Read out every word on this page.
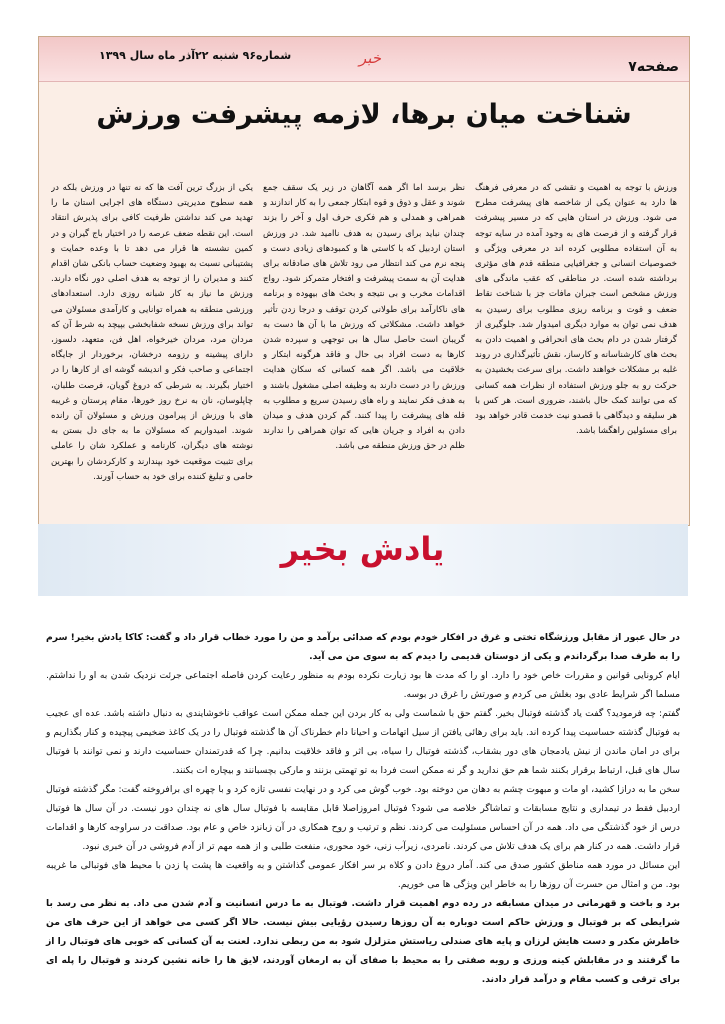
صفحه۷
خبر
شماره۹۶ شنبه ۲۲آذر ماه سال ۱۳۹۹
شناخت میان برها، لازمه پیشرفت ورزش

ورزش با توجه به اهمیت و نقشی که در معرفی فرهنگ ها دارد به عنوان یکی از شاخصه های پیشرفت مطرح می شود. ورزش در استان هایی که در مسیر پیشرفت قرار گرفته و از فرصت های به وجود آمده در سایه توجه به آن استفاده مطلوبی کرده اند در معرفی ویژگی و خصوصیات انسانی و جغرافیایی منطقه قدم های مؤثری برداشته شده است. در مناطقی که عقب ماندگی های ورزش مشخص است جبران مافات جز با شناخت نقاط ضعف و قوت و برنامه ریزی مطلوب برای رسیدن به هدف نمی توان به موارد دیگری امیدوار شد. جلوگیری از گرفتار شدن در دام بحث های انحرافی و اهمیت دادن به بحث های کارشناسانه و کارساز، نقش تأثیرگذاری در روند غلبه بر مشکلات خواهند داشت. برای سرعت بخشیدن به حرکت رو به جلو ورزش استفاده از نظرات همه کسانی که می توانند کمک حال باشند، ضروری است. هر کس با هر سلیقه و دیدگاهی با قصدو نیت خدمت قادر خواهد بود برای مسئولین راهگشا باشد.

نظر برسد اما اگر همه آگاهان در زیر یک سقف جمع شوند و عقل و ذوق و قوه ابتکار جمعی را به کار اندازند و همراهی و همدلی و هم فکری حرف اول و آخر را بزند چندان نباید برای رسیدن به هدف ناامید شد. در ورزش استان اردبیل که با کاستی ها و کمبودهای زیادی دست و پنجه نرم می کند انتظار می رود تلاش های صادقانه برای هدایت آن به سمت پیشرفت و افتخار متمرکز شود. رواج اقدامات مخرب و بی نتیجه و بحث های بیهوده و برنامه های ناکارآمد برای طولانی کردن توقف و درجا زدن تأثیر خواهد داشت. مشکلاتی که ورزش ما با آن ها دست به گریبان است حاصل سال ها بی توجهی و سپرده شدن کارها به دست افراد بی حال و فاقد هرگونه ابتکار و خلاقیت می باشد. اگر همه کسانی که سکان هدایت ورزش را در دست دارند به وظیفه اصلی مشغول باشند و به هدف فکر نمایند و راه های رسیدن سریع و مطلوب به قله های پیشرفت را پیدا کنند. گم کردن هدف و میدان دادن به افراد و جریان هایی که توان همراهی را ندارند ظلم در حق ورزش منطقه می باشد.

یکی از بزرگ ترین آفت ها که نه تنها در ورزش بلکه در همه سطوح مدیریتی دستگاه های اجرایی استان ما را تهدید می کند نداشتن ظرفیت کافی برای پذیرش انتقاد است. این نقطه ضعف عرصه را در اختیار باج گیران و در کمین نشسته ها قرار می دهد تا با وعده حمایت و پشتیبانی نسبت به بهبود وضعیت حساب بانکی شان اقدام کنند و مدیران را از توجه به هدف اصلی دور نگاه دارند. ورزش ما نیاز به کار شبانه روزی دارد. استعدادهای ورزشی منطقه به همراه توانایی و کارآمدی مسئولان می تواند برای ورزش نسخه شفابخشی بپیچد به شرط آن که مردان مرد، مردان خیرخواه، اهل فن، متعهد، دلسوز، دارای پیشینه و رزومه درخشان، برخوردار از جایگاه اجتماعی و صاحب فکر و اندیشه گوشه ای از کارها را در اختیار بگیرند. به شرطی که دروغ گویان، فرصت طلبان، چاپلوسان، نان به نرخ روز خورها، مقام پرستان و غریبه های با ورزش از پیرامون ورزش و مسئولان آن رانده شوند. امیدواریم که مسئولان ما به جای دل بستن به نوشته های دیگران، کارنامه و عملکرد شان را عاملی برای تثبیت موقعیت خود بپندارند و کارکردشان را بهترین حامی و تبلیغ کننده برای خود به حساب آورند.

یادش بخیر

در حال عبور از مقابل ورزشگاه تختی و غرق در افکار خودم بودم که صدائی برآمد و من را مورد خطاب قرار داد و گفت: کاکا یادش بخیر! سرم را به طرف صدا برگرداندم و یکی از دوستان قدیمی را دیدم که به سوی من می آید.

ایام کرونایی قوانین و مقررات خاص خود را دارد. او را که مدت ها بود زیارت نکرده بودم به منظور رعایت کردن فاصله اجتماعی جرئت نزدیک شدن به او را نداشتم. مسلما اگر شرایط عادی بود بغلش می کردم و صورتش را غرق در بوسه.

گفتم: چه فرمودید؟ گفت یاد گذشته فوتبال بخیر. گفتم حق با شماست ولی به کار بردن این جمله ممکن است عواقب ناخوشایندی به دنبال داشته باشد. عده ای عجیب به فوتبال گذشته حساسیت پیدا کرده اند. باید برای رهائی یافتن از سیل اتهامات و احیانا دام خطرناک آن ها گذشته فوتبال را در یک کاغذ ضخیمی پیچیده و کنار بگذاریم و برای در امان ماندن از نیش یادمجان های دور بشقاب، گذشته فوتبال را سیاه، بی اثر و فاقد خلاقیت بدانیم. چرا که قدرتمندان حساسیت دارند و نمی توانند با فوتبال سال های قبل، ارتباط برقرار بکنند شما هم حق ندارید و گر نه ممکن است فردا به تو تهمتی بزنند و مارکی بچسبانند و بیچاره ات بکنند.

سخن ما به درازا کشید، او مات و مبهوت چشم به دهان من دوخته بود. خوب گوش می کرد و در نهایت نفسی تازه کرد و با چهره ای برافروخته گفت: مگر گذشته فوتبال اردبیل فقط در تیمداری و نتایج مسابقات و تماشاگر خلاصه می شود؟ فوتبال امروزاصلا قابل مقایسه با فوتبال سال های نه چندان دور نیست. در آن سال ها فوتبال درس از خود گذشتگی می داد. همه در آن احساس مسئولیت می کردند. نظم و ترتیب و روح همکاری در آن زبانزد خاص و عام بود. صداقت در سراوجه کارها و اقدامات قرار داشت. همه در کنار هم برای یک هدف تلاش می کردند. نامردی، زیرآب زنی، خود محوری، منفعت طلبی و از همه مهم تر از آدم فروشی در آن خبری نبود.

این مسائل در مورد همه مناطق کشور صدق می کند. آمار دروغ دادن و کلاه بر سر افکار عمومی گذاشتن و به واقعیت ها پشت پا زدن با محیط های فوتبالی ما غریبه بود. من و امثال من حسرت آن روزها را به خاطر این ویژگی ها می خوریم.

برد و باخت و قهرمانی در میدان مسابقه در رده دوم اهمیت قرار داشت. فوتبال به ما درس انسانیت و آدم شدن می داد. به نظر می رسد با شرایطی که بر فوتبال و ورزش حاکم است دوباره به آن روزها رسیدن رؤیایی بیش نیست. حالا اگر کسی می خواهد از این حرف های من خاطرش مکدر و دست هایش لرزان و پایه های صندلی ریاستش متزلزل شود به من ربطی ندارد. لعنت به آن کسانی که خوبی های فوتبال را از ما گرفتند و در مقابلش کینه ورزی و روبه صفتی را به محیط با صفای آن به ارمغان آوردند، لایق ها را خانه نشین کردند و فوتبال را پله ای برای ترقی و کسب مقام و درآمد قرار دادند.
